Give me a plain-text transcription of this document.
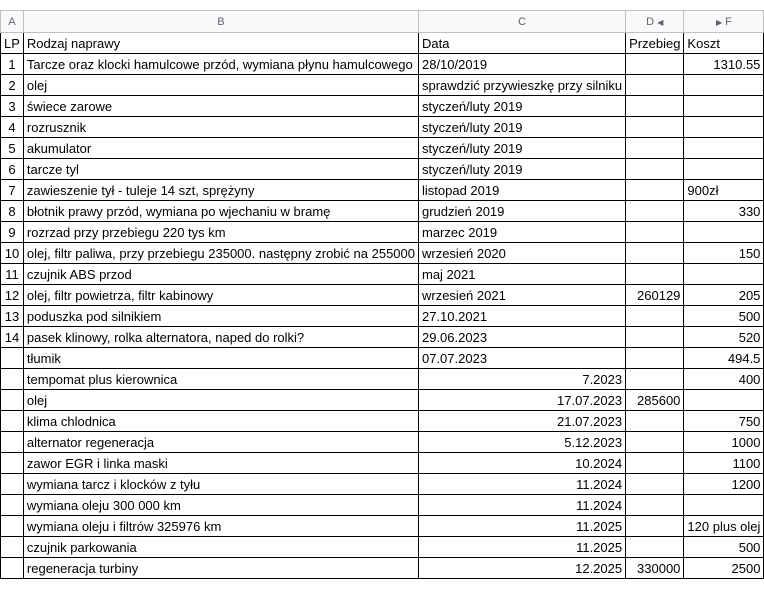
A	B	C	D ◀	▶ F
LP	Rodzaj naprawy	Data	Przebieg	Koszt
1	Tarcze oraz klocki hamulcowe przód, wymiana płynu hamulcowego	28/10/2019		1310.55
2	olej	sprawdzić przywieszkę przy silniku		
3	świece zarowe	styczeń/luty 2019		
4	rozrusznik	styczeń/luty 2019		
5	akumulator	styczeń/luty 2019		
6	tarcze tyl	styczeń/luty 2019		
7	zawieszenie tył - tuleje 14 szt, sprężyny	listopad 2019		900zł
8	błotnik prawy przód, wymiana po wjechaniu w bramę	grudzień 2019		330
9	rozrzad przy przebiegu 220 tys km	marzec 2019		
10	olej, filtr paliwa, przy przebiegu 235000. następny zrobić na 255000	wrzesień 2020		150
11	czujnik ABS przod	maj 2021		
12	olej, filtr powietrza, filtr kabinowy	wrzesień 2021	260129	205
13	poduszka pod silnikiem	27.10.2021		500
14	pasek klinowy, rolka alternatora, naped do rolki?	29.06.2023		520
	tłumik	07.07.2023		494.5
	tempomat plus kierownica	7.2023		400
	olej	17.07.2023	285600	
	klima chlodnica	21.07.2023		750
	alternator regeneracja	5.12.2023		1000
	zawor EGR i linka maski	10.2024		1100
	wymiana tarcz i klocków z tyłu	11.2024		1200
	wymiana oleju 300 000 km	11.2024		
	wymiana oleju i filtrów 325976 km	11.2025		120 plus olej
	czujnik parkowania	11.2025		500
	regeneracja turbiny	12.2025	330000	2500
